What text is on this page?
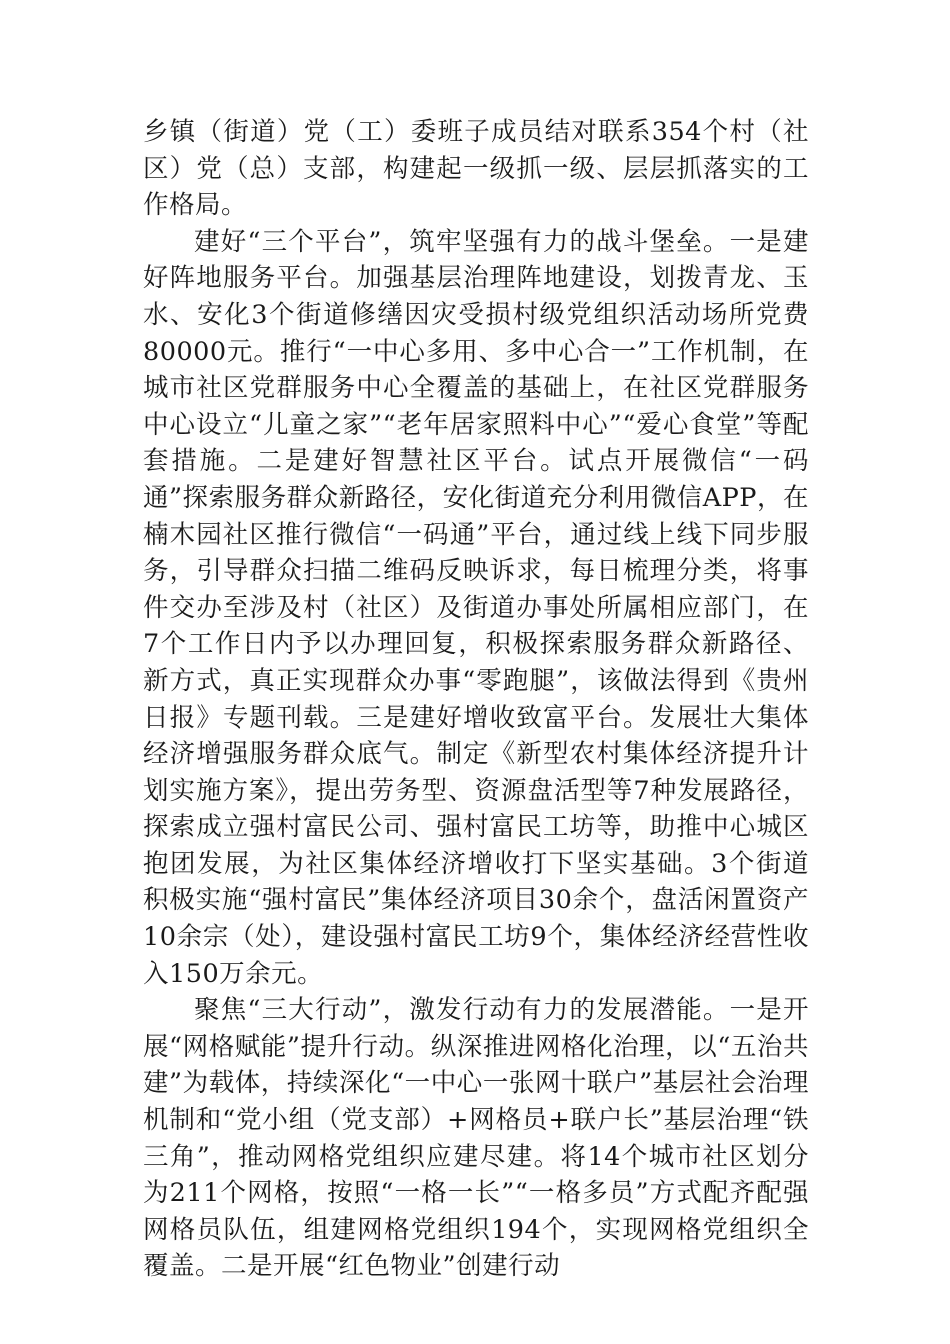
乡镇（街道）党（工）委班子成员结对联系354个村（社区）党（总）支部，构建起一级抓一级、层层抓落实的工作格局。

建好“三个平台”，筑牢坚强有力的战斗堡垒。一是建好阵地服务平台。加强基层治理阵地建设，划拨青龙、玉水、安化3个街道修缮因灾受损村级党组织活动场所党费80000元。推行“一中心多用、多中心合一”工作机制，在城市社区党群服务中心全覆盖的基础上，在社区党群服务中心设立“儿童之家”“老年居家照料中心”“爱心食堂”等配套措施。二是建好智慧社区平台。试点开展微信“一码通”探索服务群众新路径，安化街道充分利用微信APP，在楠木园社区推行微信“一码通”平台，通过线上线下同步服务，引导群众扫描二维码反映诉求，每日梳理分类，将事件交办至涉及村（社区）及街道办事处所属相应部门，在7个工作日内予以办理回复，积极探索服务群众新路径、新方式，真正实现群众办事“零跑腿”，该做法得到《贵州日报》专题刊载。三是建好增收致富平台。发展壮大集体经济增强服务群众底气。制定《新型农村集体经济提升计划实施方案》，提出劳务型、资源盘活型等7种发展路径，探索成立强村富民公司、强村富民工坊等，助推中心城区抱团发展，为社区集体经济增收打下坚实基础。3个街道积极实施“强村富民”集体经济项目30余个，盘活闲置资产10余宗（处），建设强村富民工坊9个，集体经济经营性收入150万余元。

聚焦“三大行动”，激发行动有力的发展潜能。一是开展“网格赋能”提升行动。纵深推进网格化治理，以“五治共建”为载体，持续深化“一中心一张网十联户”基层社会治理机制和“党小组（党支部）+网格员+联户长”基层治理“铁三角”，推动网格党组织应建尽建。将14个城市社区划分为211个网格，按照“一格一长”“一格多员”方式配齐配强网格员队伍，组建网格党组织194个，实现网格党组织全覆盖。二是开展“红色物业”创建行动
